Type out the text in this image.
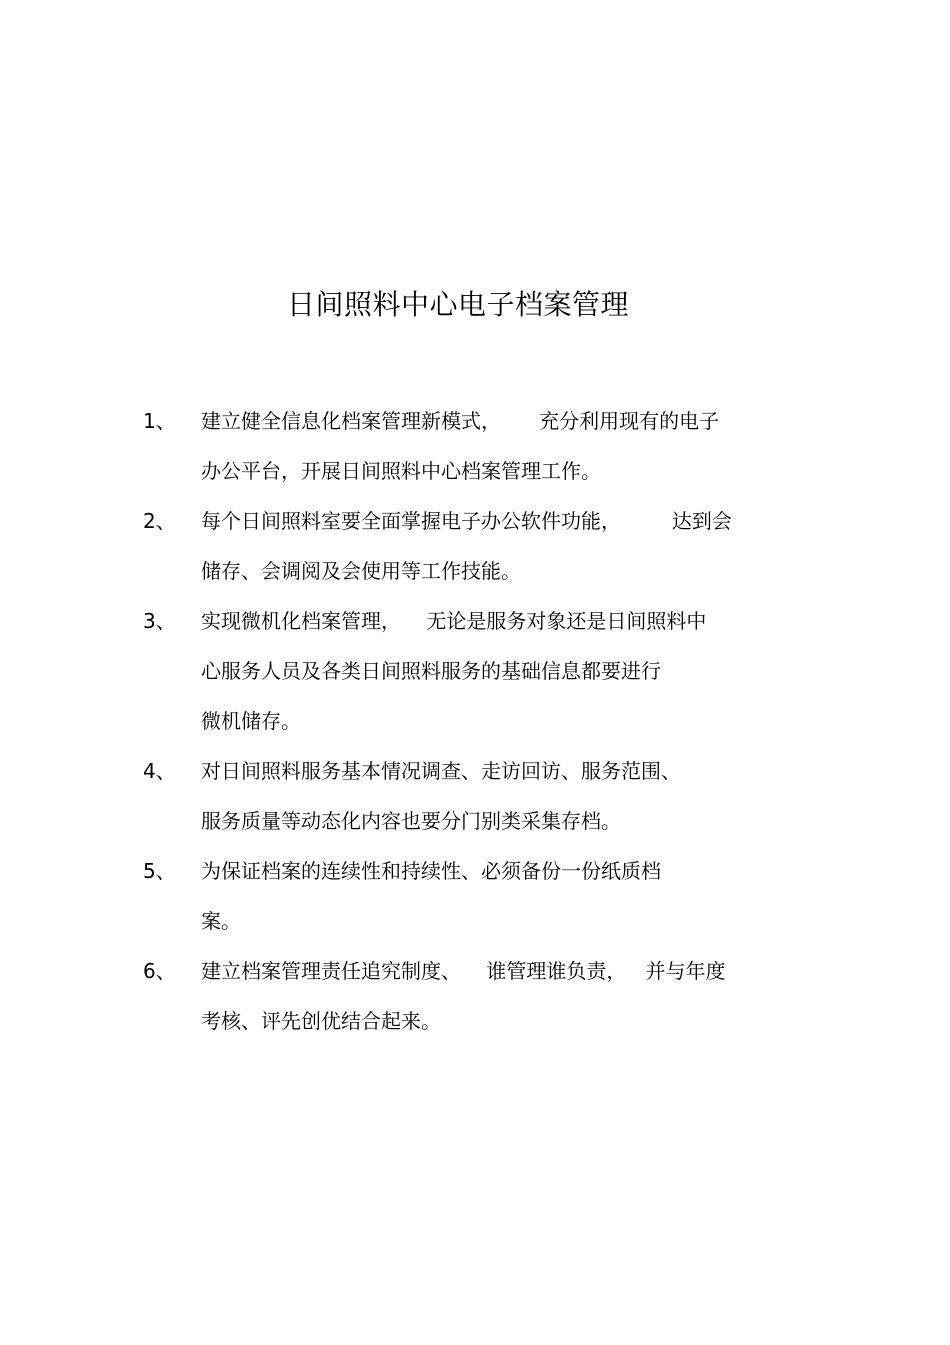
日间照料中心电子档案管理
1、 建立健全信息化档案管理新模式，      充分利用现有的电子
办公平台，开展日间照料中心档案管理工作。
2、 每个日间照料室要全面掌握电子办公软件功能，        达到会
储存、会调阅及会使用等工作技能。
3、 实现微机化档案管理，    无论是服务对象还是日间照料中
心服务人员及各类日间照料服务的基础信息都要进行
微机储存。
4、 对日间照料服务基本情况调查、走访回访、服务范围、
服务质量等动态化内容也要分门别类采集存档。
5、 为保证档案的连续性和持续性、必须备份一份纸质档
案。
6、 建立档案管理责任追究制度、    谁管理谁负责，   并与年度
考核、评先创优结合起来。
